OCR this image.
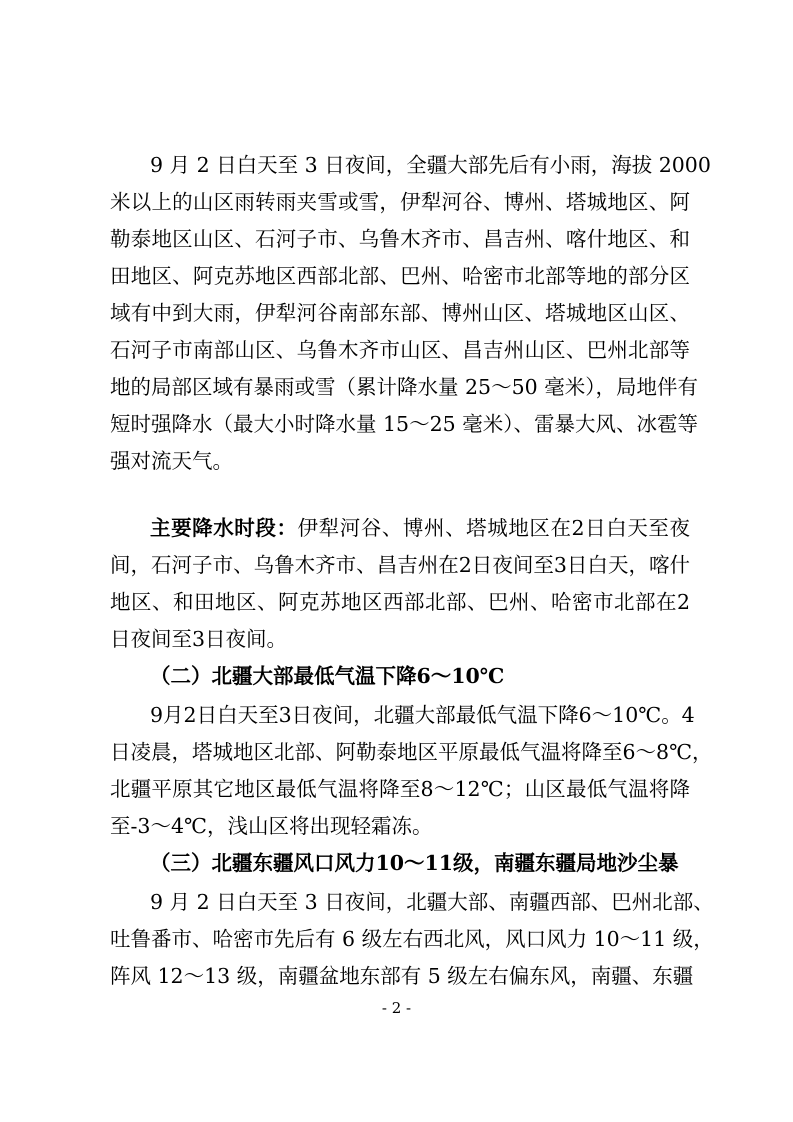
9 月 2 日白天至 3 日夜间，全疆大部先后有小雨，海拔 2000
米以上的山区雨转雨夹雪或雪，伊犁河谷、博州、塔城地区、阿
勒泰地区山区、石河子市、乌鲁木齐市、昌吉州、喀什地区、和
田地区、阿克苏地区西部北部、巴州、哈密市北部等地的部分区
域有中到大雨，伊犁河谷南部东部、博州山区、塔城地区山区、
石河子市南部山区、乌鲁木齐市山区、昌吉州山区、巴州北部等
地的局部区域有暴雨或雪（累计降水量 25～50 毫米），局地伴有
短时强降水（最大小时降水量 15～25 毫米）、雷暴大风、冰雹等
强对流天气。
主要降水时段：伊犁河谷、博州、塔城地区在2日白天至夜
间，石河子市、乌鲁木齐市、昌吉州在2日夜间至3日白天，喀什
地区、和田地区、阿克苏地区西部北部、巴州、哈密市北部在2
日夜间至3日夜间。
（二）北疆大部最低气温下降6～10℃
9月2日白天至3日夜间，北疆大部最低气温下降6～10℃。4
日凌晨，塔城地区北部、阿勒泰地区平原最低气温将降至6～8℃，
北疆平原其它地区最低气温将降至8～12℃；山区最低气温将降
至-3～4℃，浅山区将出现轻霜冻。
（三）北疆东疆风口风力10～11级，南疆东疆局地沙尘暴
9 月 2 日白天至 3 日夜间，北疆大部、南疆西部、巴州北部、
吐鲁番市、哈密市先后有 6 级左右西北风，风口风力 10～11 级，
阵风 12～13 级，南疆盆地东部有 5 级左右偏东风，南疆、东疆
- 2 -
